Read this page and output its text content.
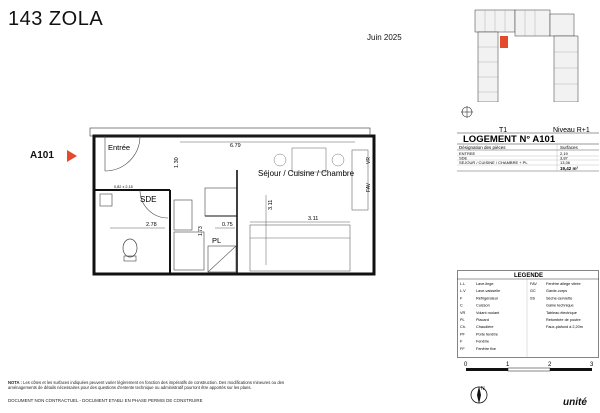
143 ZOLA
Juin 2025
A101
Entrée
SDE
Séjour / Cuisine / Chambre
PL
FAV
VR
6.79
1.30
3.11
2.78	0.75
1.73
3.11
0,82 x 2,15
T1	Niveau R+1
LOGEMENT N° A101
Désignation des pièces	Surfaces
ENTREE	2,19
SDE	3,87
SEJOUR / CUISINE / CHAMBRE + PL	13,36
19,42 m²
LEGENDE
L.L	Lave-linge
L.V	Lave-vaisselle
F	Réfrigérateur
C	Cuisson
VR	Volant roulant
PL	Placard
Ch.	Chaudière
PF	Porte fenêtre
F	Fenêtre
FF	Fenêtre fixe
FAV Fenêtre allège vitrée
GC	Garde-corps
SS	Sèche-serviette
Gaine technique
Tableau électrique
Retombée de poutre
Faux-plafond à 2,20m
0	1	2	3
N
NOTA : Les côtes et les surfaces indiquées peuvent varier légèrement en fonction des impératifs de construction. Des modifications mineures ou des aménagements de détails nécessaires pour des questions d'entente technique ou administratif pourront être apportés sur les plans.
DOCUMENT NON CONTRACTUEL - DOCUMENT ETABLI EN PHASE PERMIS DE CONSTRUIRE	unité
